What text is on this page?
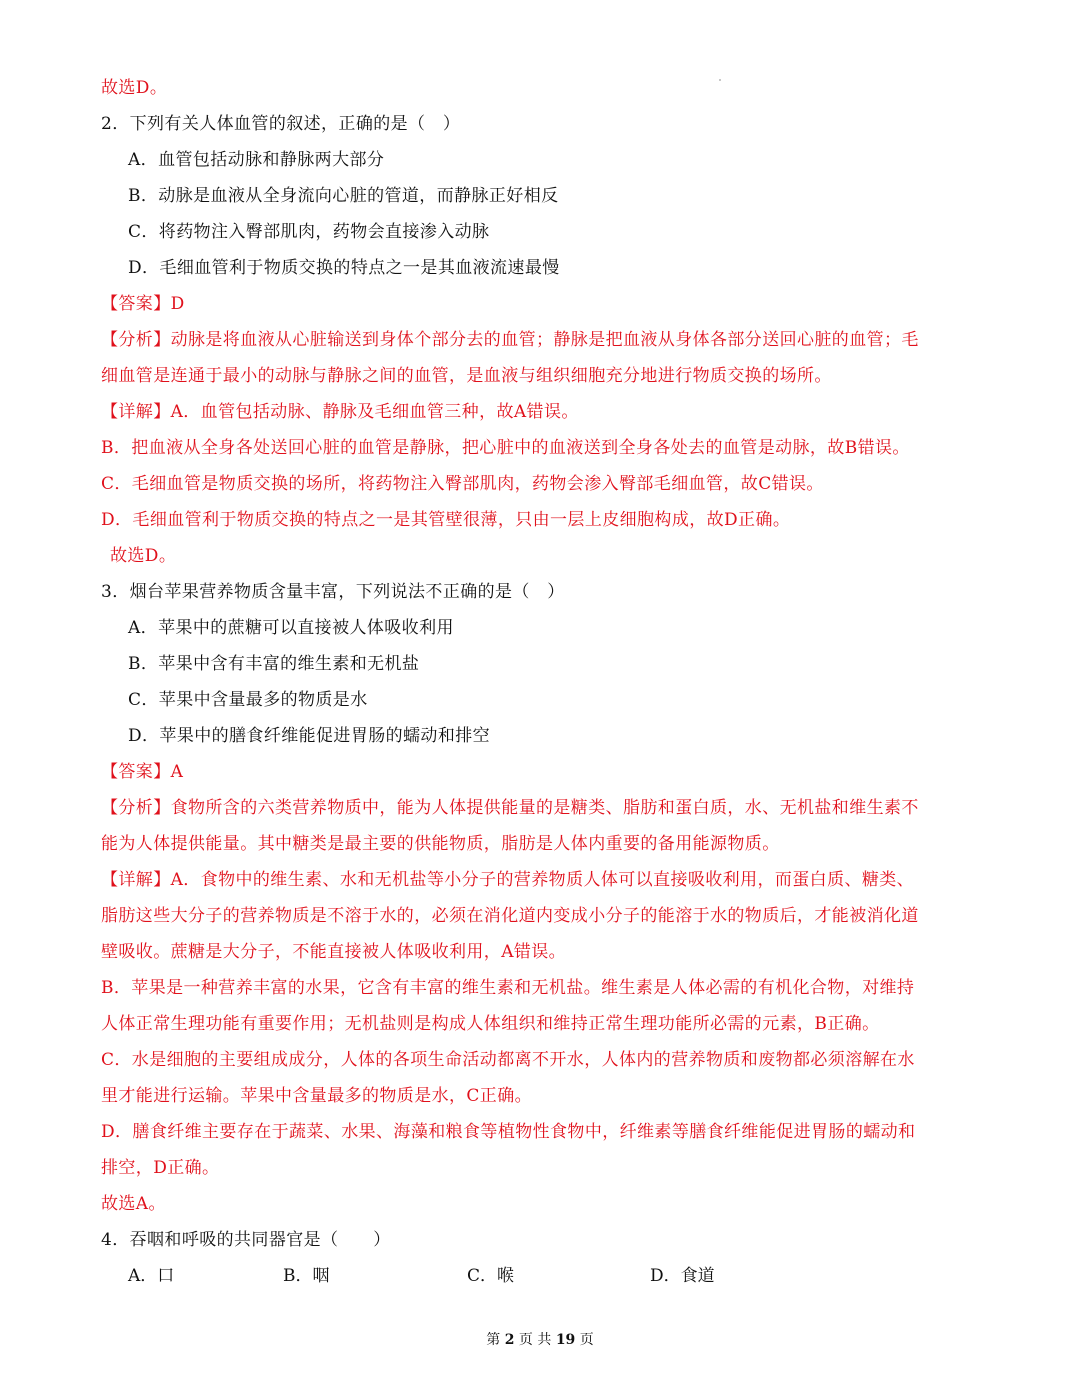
故选D。
2．下列有关人体血管的叙述，正确的是（　）
A．血管包括动脉和静脉两大部分
B．动脉是血液从全身流向心脏的管道，而静脉正好相反
C．将药物注入臀部肌肉，药物会直接渗入动脉
D．毛细血管利于物质交换的特点之一是其血液流速最慢
【答案】D
【分析】动脉是将血液从心脏输送到身体个部分去的血管；静脉是把血液从身体各部分送回心脏的血管；毛
细血管是连通于最小的动脉与静脉之间的血管，是血液与组织细胞充分地进行物质交换的场所。
【详解】A．血管包括动脉、静脉及毛细血管三种，故A错误。
B．把血液从全身各处送回心脏的血管是静脉，把心脏中的血液送到全身各处去的血管是动脉，故B错误。
C．毛细血管是物质交换的场所，将药物注入臀部肌肉，药物会渗入臀部毛细血管，故C错误。
D．毛细血管利于物质交换的特点之一是其管壁很薄，只由一层上皮细胞构成，故D正确。
故选D。
3．烟台苹果营养物质含量丰富，下列说法不正确的是（　）
A．苹果中的蔗糖可以直接被人体吸收利用
B．苹果中含有丰富的维生素和无机盐
C．苹果中含量最多的物质是水
D．苹果中的膳食纤维能促进胃肠的蠕动和排空
【答案】A
【分析】食物所含的六类营养物质中，能为人体提供能量的是糖类、脂肪和蛋白质，水、无机盐和维生素不
能为人体提供能量。其中糖类是最主要的供能物质，脂肪是人体内重要的备用能源物质。
【详解】A．食物中的维生素、水和无机盐等小分子的营养物质人体可以直接吸收利用，而蛋白质、糖类、
脂肪这些大分子的营养物质是不溶于水的，必须在消化道内变成小分子的能溶于水的物质后，才能被消化道
壁吸收。蔗糖是大分子，不能直接被人体吸收利用，A错误。
B．苹果是一种营养丰富的水果，它含有丰富的维生素和无机盐。维生素是人体必需的有机化合物，对维持
人体正常生理功能有重要作用；无机盐则是构成人体组织和维持正常生理功能所必需的元素，B正确。
C．水是细胞的主要组成成分，人体的各项生命活动都离不开水，人体内的营养物质和废物都必须溶解在水
里才能进行运输。苹果中含量最多的物质是水，C正确。
D．膳食纤维主要存在于蔬菜、水果、海藻和粮食等植物性食物中，纤维素等膳食纤维能促进胃肠的蠕动和
排空，D正确。
故选A。
4．吞咽和呼吸的共同器官是（　　）
A．口	B．咽	C．喉	D．食道
第 2 页 共 19 页
